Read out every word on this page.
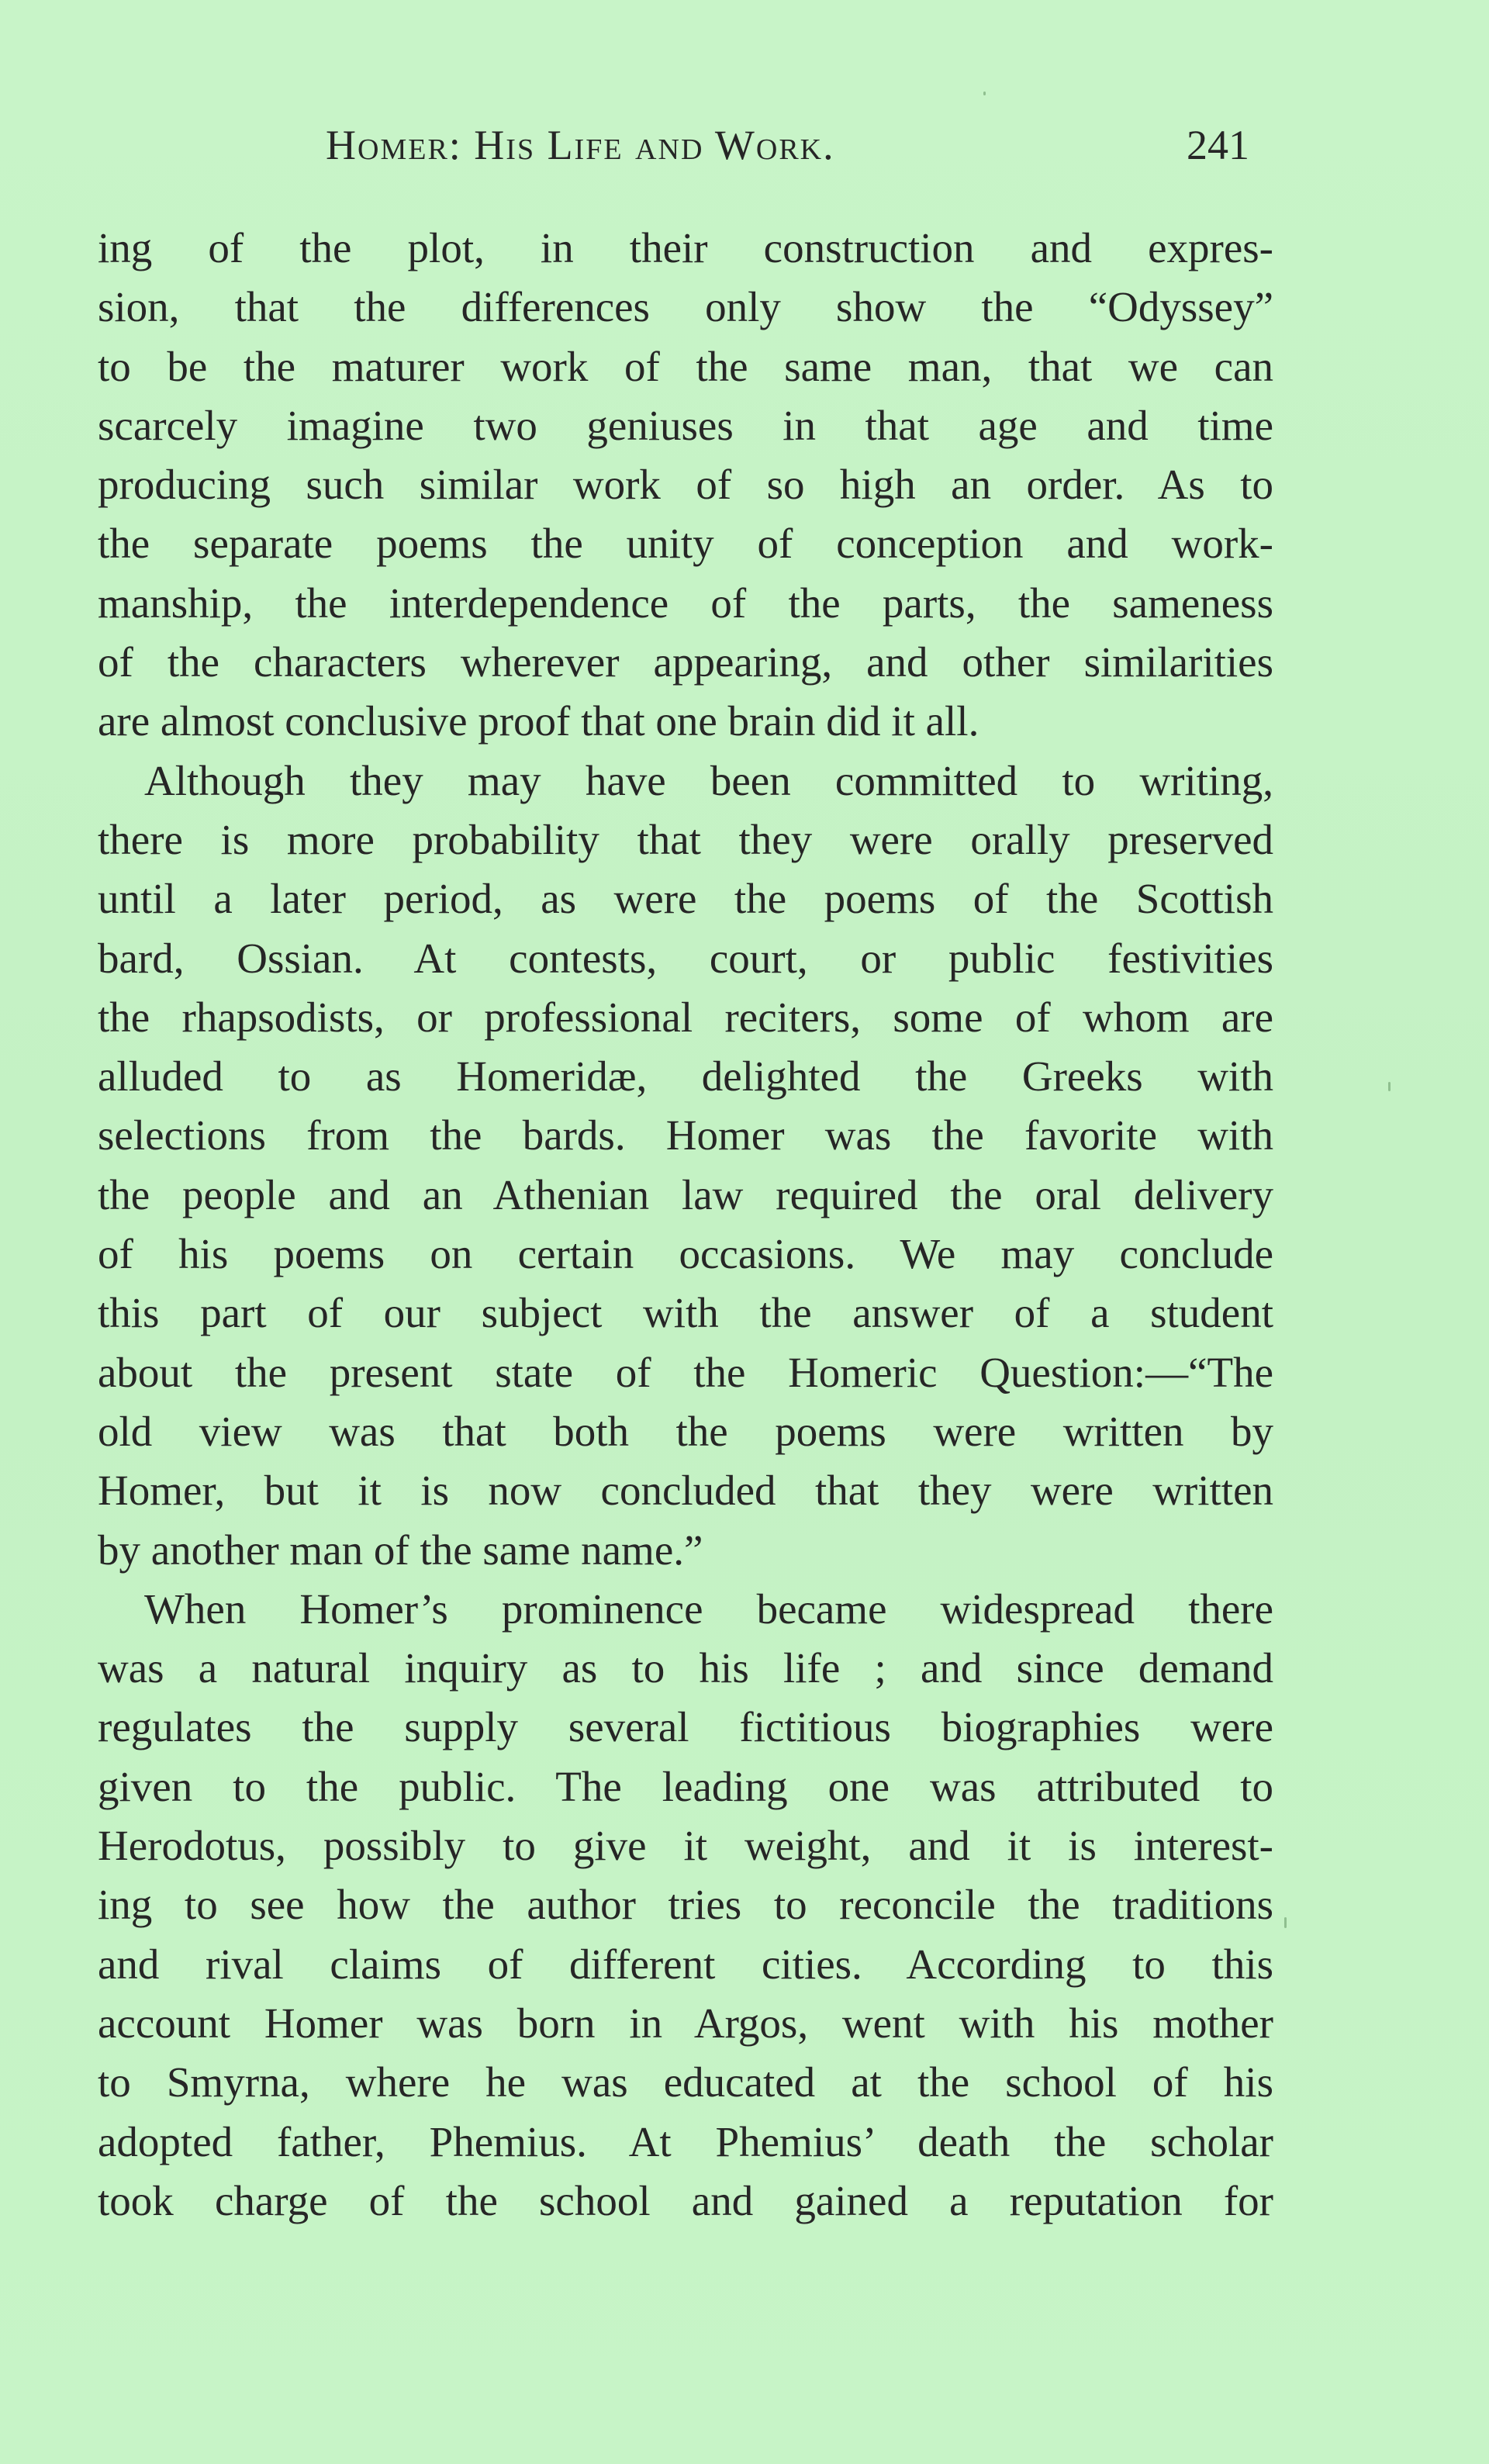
Homer: His Life and Work.	241
ing of the plot, in their construction and expres-
sion, that the differences only show the “Odyssey”
to be the maturer work of the same man, that we can
scarcely imagine two geniuses in that age and time
producing such similar work of so high an order. As to
the separate poems the unity of conception and work-
manship, the interdependence of the parts, the sameness
of the characters wherever appearing, and other similarities
are almost conclusive proof that one brain did it all.
Although they may have been committed to writing,
there is more probability that they were orally preserved
until a later period, as were the poems of the Scottish
bard, Ossian. At contests, court, or public festivities
the rhapsodists, or professional reciters, some of whom are
alluded to as Homeridæ, delighted the Greeks with
selections from the bards. Homer was the favorite with
the people and an Athenian law required the oral delivery
of his poems on certain occasions. We may conclude
this part of our subject with the answer of a student
about the present state of the Homeric Question:—“The
old view was that both the poems were written by
Homer, but it is now concluded that they were written
by another man of the same name.”
When Homer’s prominence became widespread there
was a natural inquiry as to his life ; and since demand
regulates the supply several fictitious biographies were
given to the public. The leading one was attributed to
Herodotus, possibly to give it weight, and it is interest-
ing to see how the author tries to reconcile the traditions
and rival claims of different cities. According to this
account Homer was born in Argos, went with his mother
to Smyrna, where he was educated at the school of his
adopted father, Phemius. At Phemius’ death the scholar
took charge of the school and gained a reputation for
